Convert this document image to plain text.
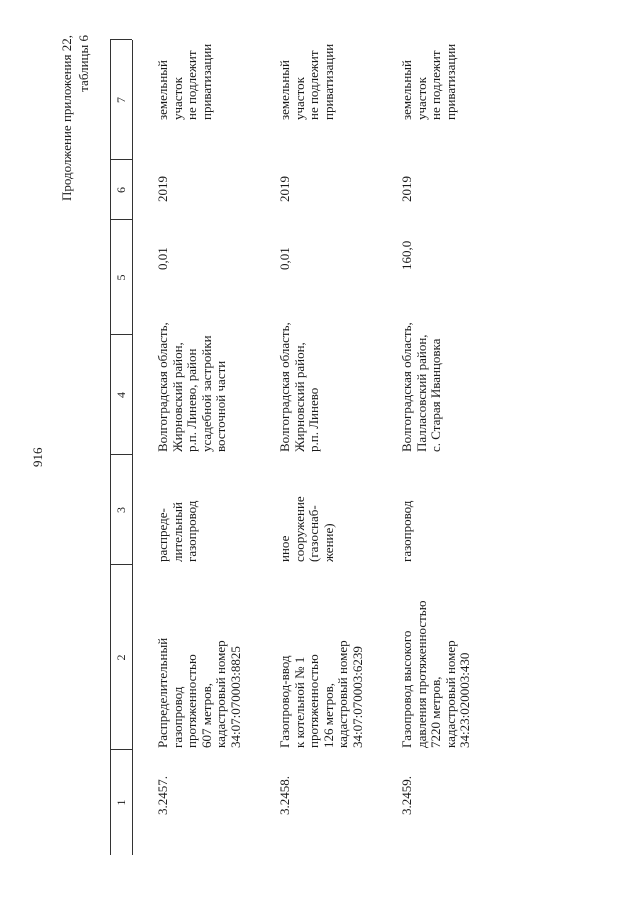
916
Продолжение приложения 22,
таблицы 6
1
2
3
4
5
6
7
3.2457.
Распределительный
газопровод
протяженностью
607 метров,
кадастровый номер
34:07:070003:8825
распреде-
лительный
газопровод
Волгоградская область,
Жирновский район,
р.п. Линево, район
усадебной застройки
восточной части
0,01
2019
земельный
участок
не подлежит
приватизации
3.2458.
Газопровод-ввод
к котельной № 1
протяженностью
126 метров,
кадастровый номер
34:07:070003:6239
иное
сооружение
(газоснаб-
жение)
Волгоградская область,
Жирновский район,
р.п. Линево
0,01
2019
земельный
участок
не подлежит
приватизации
3.2459.
Газопровод высокого
давления протяженностью
7220 метров,
кадастровый номер
34:23:020003:430
газопровод
Волгоградская область,
Палласовский район,
с. Старая Иванцовка
160,0
2019
земельный
участок
не подлежит
приватизации
